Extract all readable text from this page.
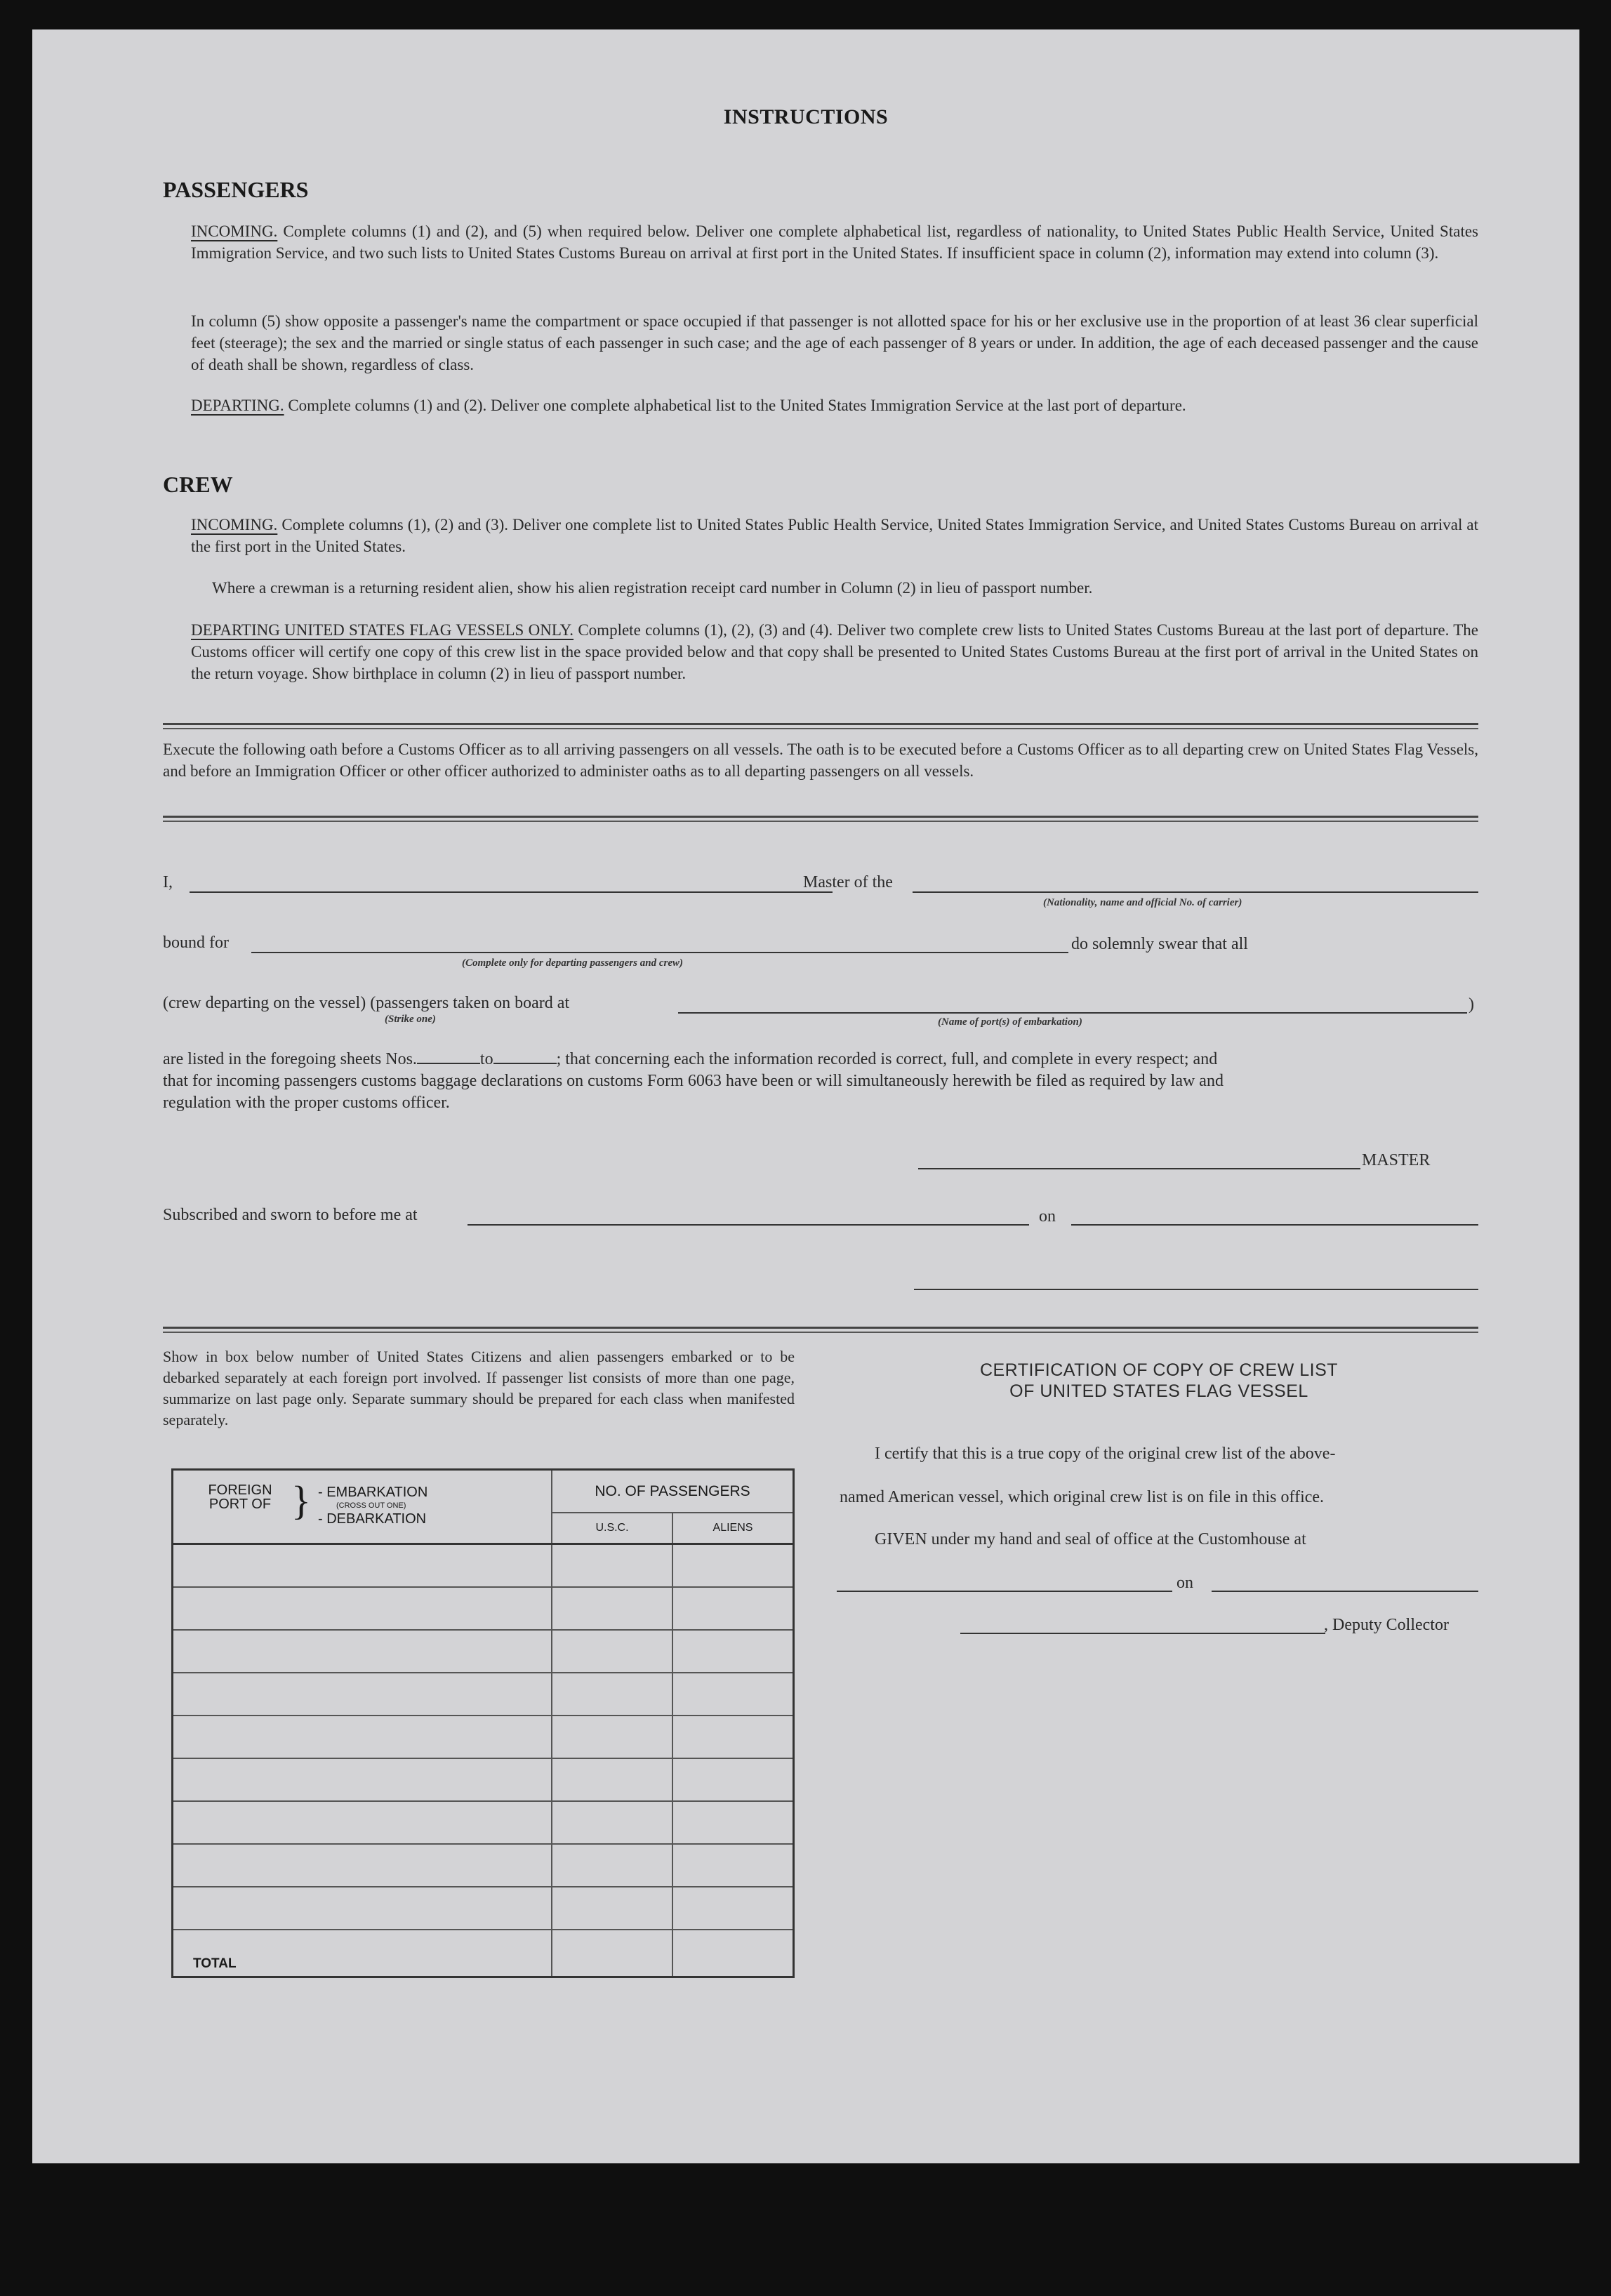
INSTRUCTIONS
PASSENGERS
INCOMING. Complete columns (1) and (2), and (5) when required below. Deliver one complete alphabetical list, regardless of nationality, to United States Public Health Service, United States Immigration Service, and two such lists to United States Customs Bureau on arrival at first port in the United States. If insufficient space in column (2), information may extend into column (3).
In column (5) show opposite a passenger's name the compartment or space occupied if that passenger is not allotted space for his or her exclusive use in the proportion of at least 36 clear superficial feet (steerage); the sex and the married or single status of each passenger in such case; and the age of each passenger of 8 years or under. In addition, the age of each deceased passenger and the cause of death shall be shown, regardless of class.
DEPARTING. Complete columns (1) and (2). Deliver one complete alphabetical list to the United States Immigration Service at the last port of departure.
CREW
INCOMING. Complete columns (1), (2) and (3). Deliver one complete list to United States Public Health Service, United States Immigration Service, and United States Customs Bureau on arrival at the first port in the United States.
Where a crewman is a returning resident alien, show his alien registration receipt card number in Column (2) in lieu of passport number.
DEPARTING UNITED STATES FLAG VESSELS ONLY. Complete columns (1), (2), (3) and (4). Deliver two complete crew lists to United States Customs Bureau at the last port of departure. The Customs officer will certify one copy of this crew list in the space provided below and that copy shall be presented to United States Customs Bureau at the first port of arrival in the United States on the return voyage. Show birthplace in column (2) in lieu of passport number.
Execute the following oath before a Customs Officer as to all arriving passengers on all vessels. The oath is to be executed before a Customs Officer as to all departing crew on United States Flag Vessels, and before an Immigration Officer or other officer authorized to administer oaths as to all departing passengers on all vessels.
I,	Master of the
(Nationality, name and official No. of carrier)
bound for
(Complete only for departing passengers and crew)
do solemnly swear that all
(crew departing on the vessel) (passengers taken on board at	)
(Strike one)	(Name of port(s) of embarkation)
are listed in the foregoing sheets Nos.	to	; that concerning each the information recorded is correct, full, and complete in every respect; and
that for incoming passengers customs baggage declarations on customs Form 6063 have been or will simultaneously herewith be filed as required by law and
regulation with the proper customs officer.
MASTER
Subscribed and sworn to before me at	on
Show in box below number of United States Citizens and alien passengers embarked or to be debarked separately at each foreign port involved. If passenger list consists of more than one page, summarize on last page only. Separate summary should be prepared for each class when manifested separately.
FOREIGN PORT OF } - EMBARKATION
(CROSS OUT ONE)
- DEBARKATION	NO. OF PASSENGERS	
	U.S.C.	ALIENS

TOTAL		
CERTIFICATION OF COPY OF CREW LIST
OF UNITED STATES FLAG VESSEL
I certify that this is a true copy of the original crew list of the above-
named American vessel, which original crew list is on file in this office.
GIVEN under my hand and seal of office at the Customhouse at
on
, Deputy Collector
